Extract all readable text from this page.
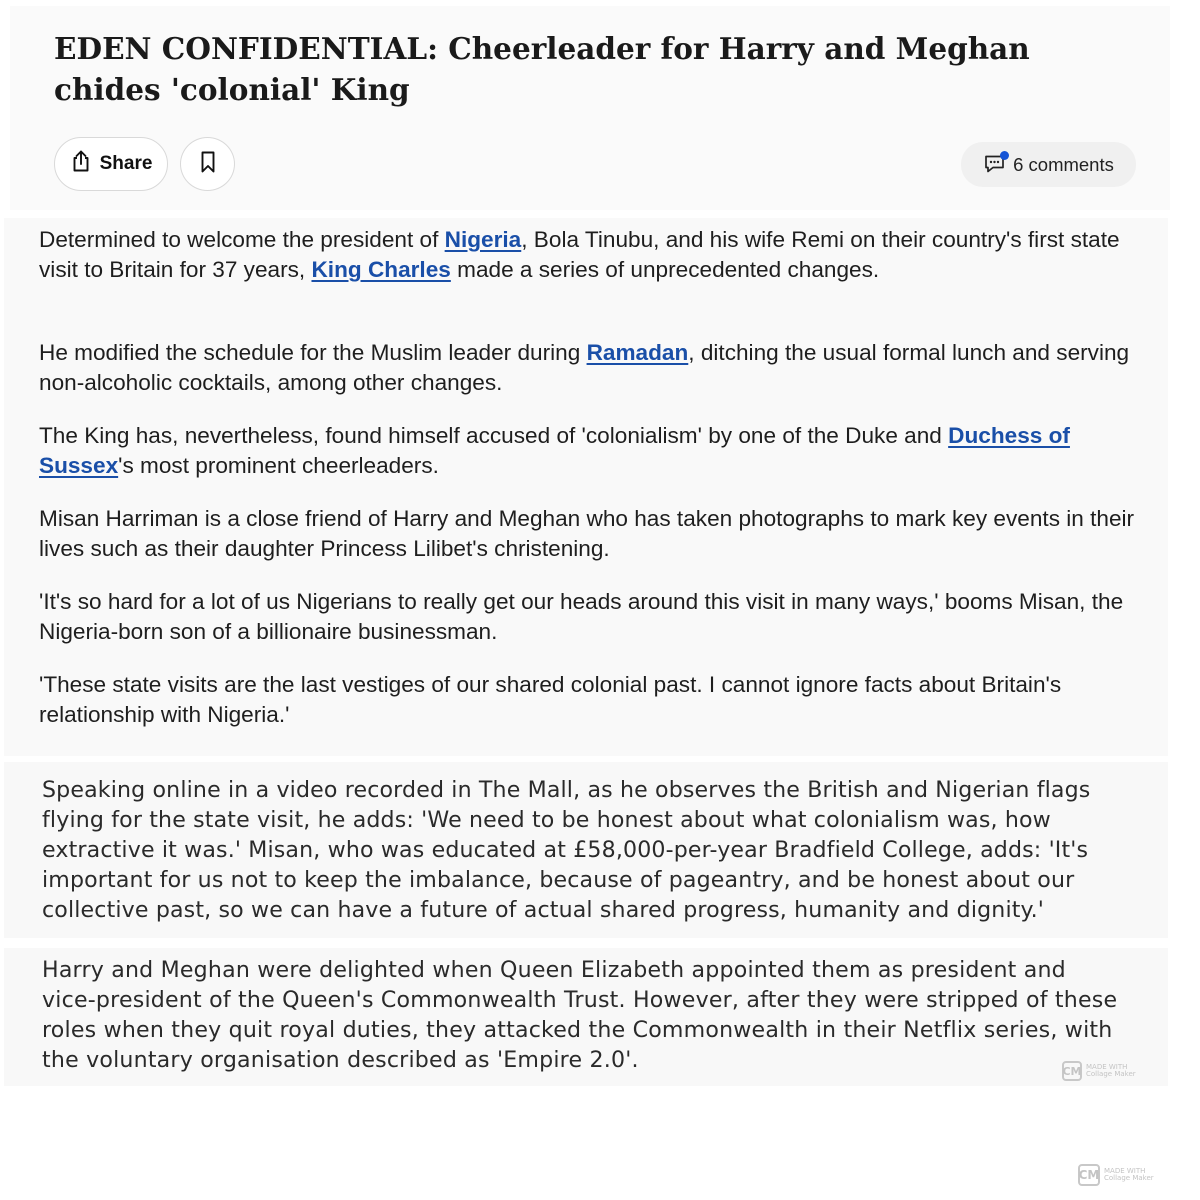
EDEN CONFIDENTIAL: Cheerleader for Harry and Meghan chides 'colonial' King
Share	6 comments

Determined to welcome the president of Nigeria, Bola Tinubu, and his wife Remi on their country's first state visit to Britain for 37 years, King Charles made a series of unprecedented changes.

He modified the schedule for the Muslim leader during Ramadan, ditching the usual formal lunch and serving non-alcoholic cocktails, among other changes.

The King has, nevertheless, found himself accused of 'colonialism' by one of the Duke and Duchess of Sussex's most prominent cheerleaders.

Misan Harriman is a close friend of Harry and Meghan who has taken photographs to mark key events in their lives such as their daughter Princess Lilibet's christening.

'It's so hard for a lot of us Nigerians to really get our heads around this visit in many ways,' booms Misan, the Nigeria-born son of a billionaire businessman.

'These state visits are the last vestiges of our shared colonial past. I cannot ignore facts about Britain's relationship with Nigeria.'

Speaking online in a video recorded in The Mall, as he observes the British and Nigerian flags flying for the state visit, he adds: 'We need to be honest about what colonialism was, how extractive it was.' Misan, who was educated at £58,000-per-year Bradfield College, adds: 'It's important for us not to keep the imbalance, because of pageantry, and be honest about our collective past, so we can have a future of actual shared progress, humanity and dignity.'

Harry and Meghan were delighted when Queen Elizabeth appointed them as president and vice-president of the Queen's Commonwealth Trust. However, after they were stripped of these roles when they quit royal duties, they attacked the Commonwealth in their Netflix series, with the voluntary organisation described as 'Empire 2.0'.	CM MADE WITH
Collage Maker
CM MADE WITH
Collage Maker
